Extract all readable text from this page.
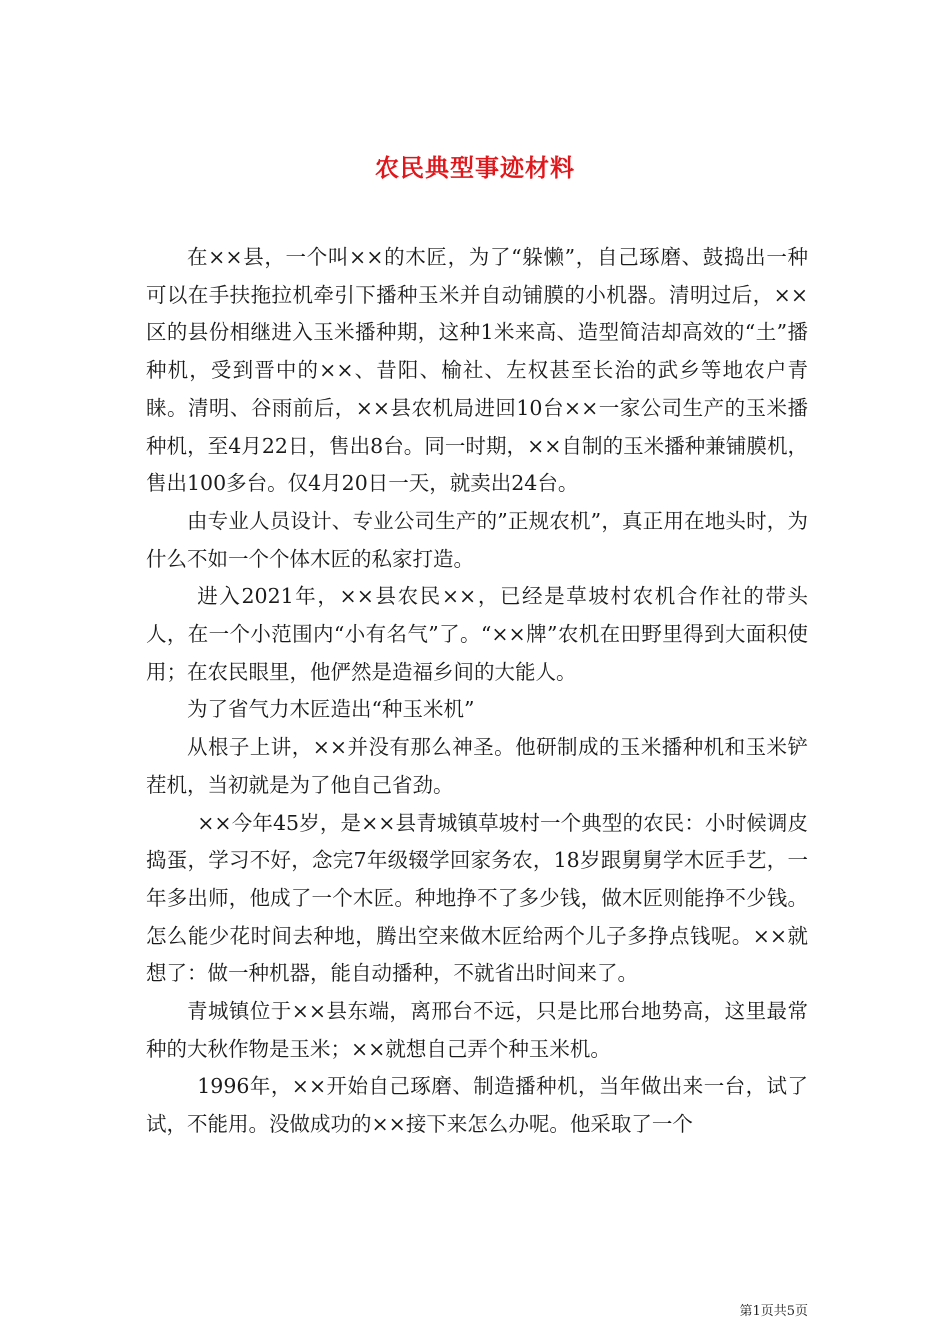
农民典型事迹材料

在××县，一个叫××的木匠，为了“躲懒”，自己琢磨、鼓捣出一种可以在手扶拖拉机牵引下播种玉米并自动铺膜的小机器。清明过后，××区的县份相继进入玉米播种期，这种1米来高、造型简洁却高效的“土”播种机，受到晋中的××、昔阳、榆社、左权甚至长治的武乡等地农户青睐。清明、谷雨前后，××县农机局进回10台××一家公司生产的玉米播种机，至4月22日，售出8台。同一时期，××自制的玉米播种兼铺膜机，售出100多台。仅4月20日一天，就卖出24台。

由专业人员设计、专业公司生产的”正规农机”，真正用在地头时，为什么不如一个个体木匠的私家打造。

进入2021年，××县农民××，已经是草坡村农机合作社的带头人，在一个小范围内“小有名气”了。“××牌”农机在田野里得到大面积使用；在农民眼里，他俨然是造福乡间的大能人。

为了省气力木匠造出“种玉米机”

从根子上讲，××并没有那么神圣。他研制成的玉米播种机和玉米铲茬机，当初就是为了他自己省劲。

××今年45岁，是××县青城镇草坡村一个典型的农民：小时候调皮捣蛋，学习不好，念完7年级辍学回家务农，18岁跟舅舅学木匠手艺，一年多出师，他成了一个木匠。种地挣不了多少钱，做木匠则能挣不少钱。怎么能少花时间去种地，腾出空来做木匠给两个儿子多挣点钱呢。××就想了：做一种机器，能自动播种，不就省出时间来了。

青城镇位于××县东端，离邢台不远，只是比邢台地势高，这里最常种的大秋作物是玉米；××就想自己弄个种玉米机。

1996年，××开始自己琢磨、制造播种机，当年做出来一台，试了试，不能用。没做成功的××接下来怎么办呢。他采取了一个

第1页共5页
